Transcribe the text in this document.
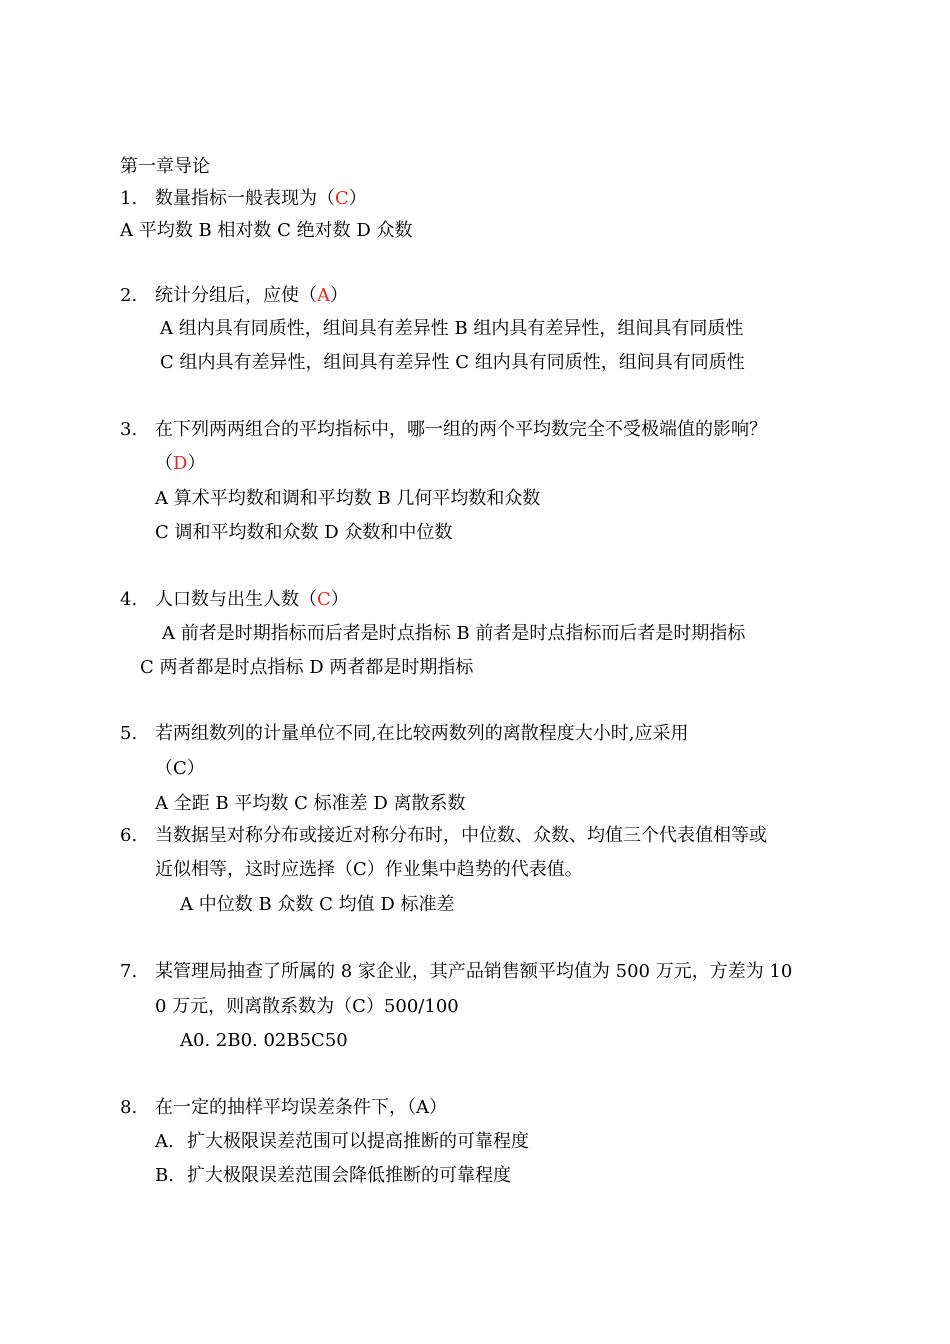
第一章导论
1. 数量指标一般表现为（C）
A 平均数 B 相对数 C 绝对数 D 众数
2. 统计分组后，应使（A）
A 组内具有同质性，组间具有差异性 B 组内具有差异性，组间具有同质性
C 组内具有差异性，组间具有差异性 C 组内具有同质性，组间具有同质性
3. 在下列两两组合的平均指标中，哪一组的两个平均数完全不受极端值的影响？
（D）
A 算术平均数和调和平均数 B 几何平均数和众数
C 调和平均数和众数 D 众数和中位数
4. 人口数与出生人数（C）
A 前者是时期指标而后者是时点指标 B 前者是时点指标而后者是时期指标
C 两者都是时点指标 D 两者都是时期指标
5. 若两组数列的计量单位不同,在比较两数列的离散程度大小时,应采用
（C）
A 全距 B 平均数 C 标准差 D 离散系数
6. 当数据呈对称分布或接近对称分布时，中位数、众数、均值三个代表值相等或
近似相等，这时应选择（C）作业集中趋势的代表值。
A 中位数 B 众数 C 均值 D 标准差
7. 某管理局抽查了所属的 8 家企业，其产品销售额平均值为 500 万元，方差为 10
0 万元，则离散系数为（C）500/100
A0. 2B0. 02B5C50
8. 在一定的抽样平均误差条件下，（A）
A. 扩大极限误差范围可以提高推断的可靠程度
B. 扩大极限误差范围会降低推断的可靠程度
